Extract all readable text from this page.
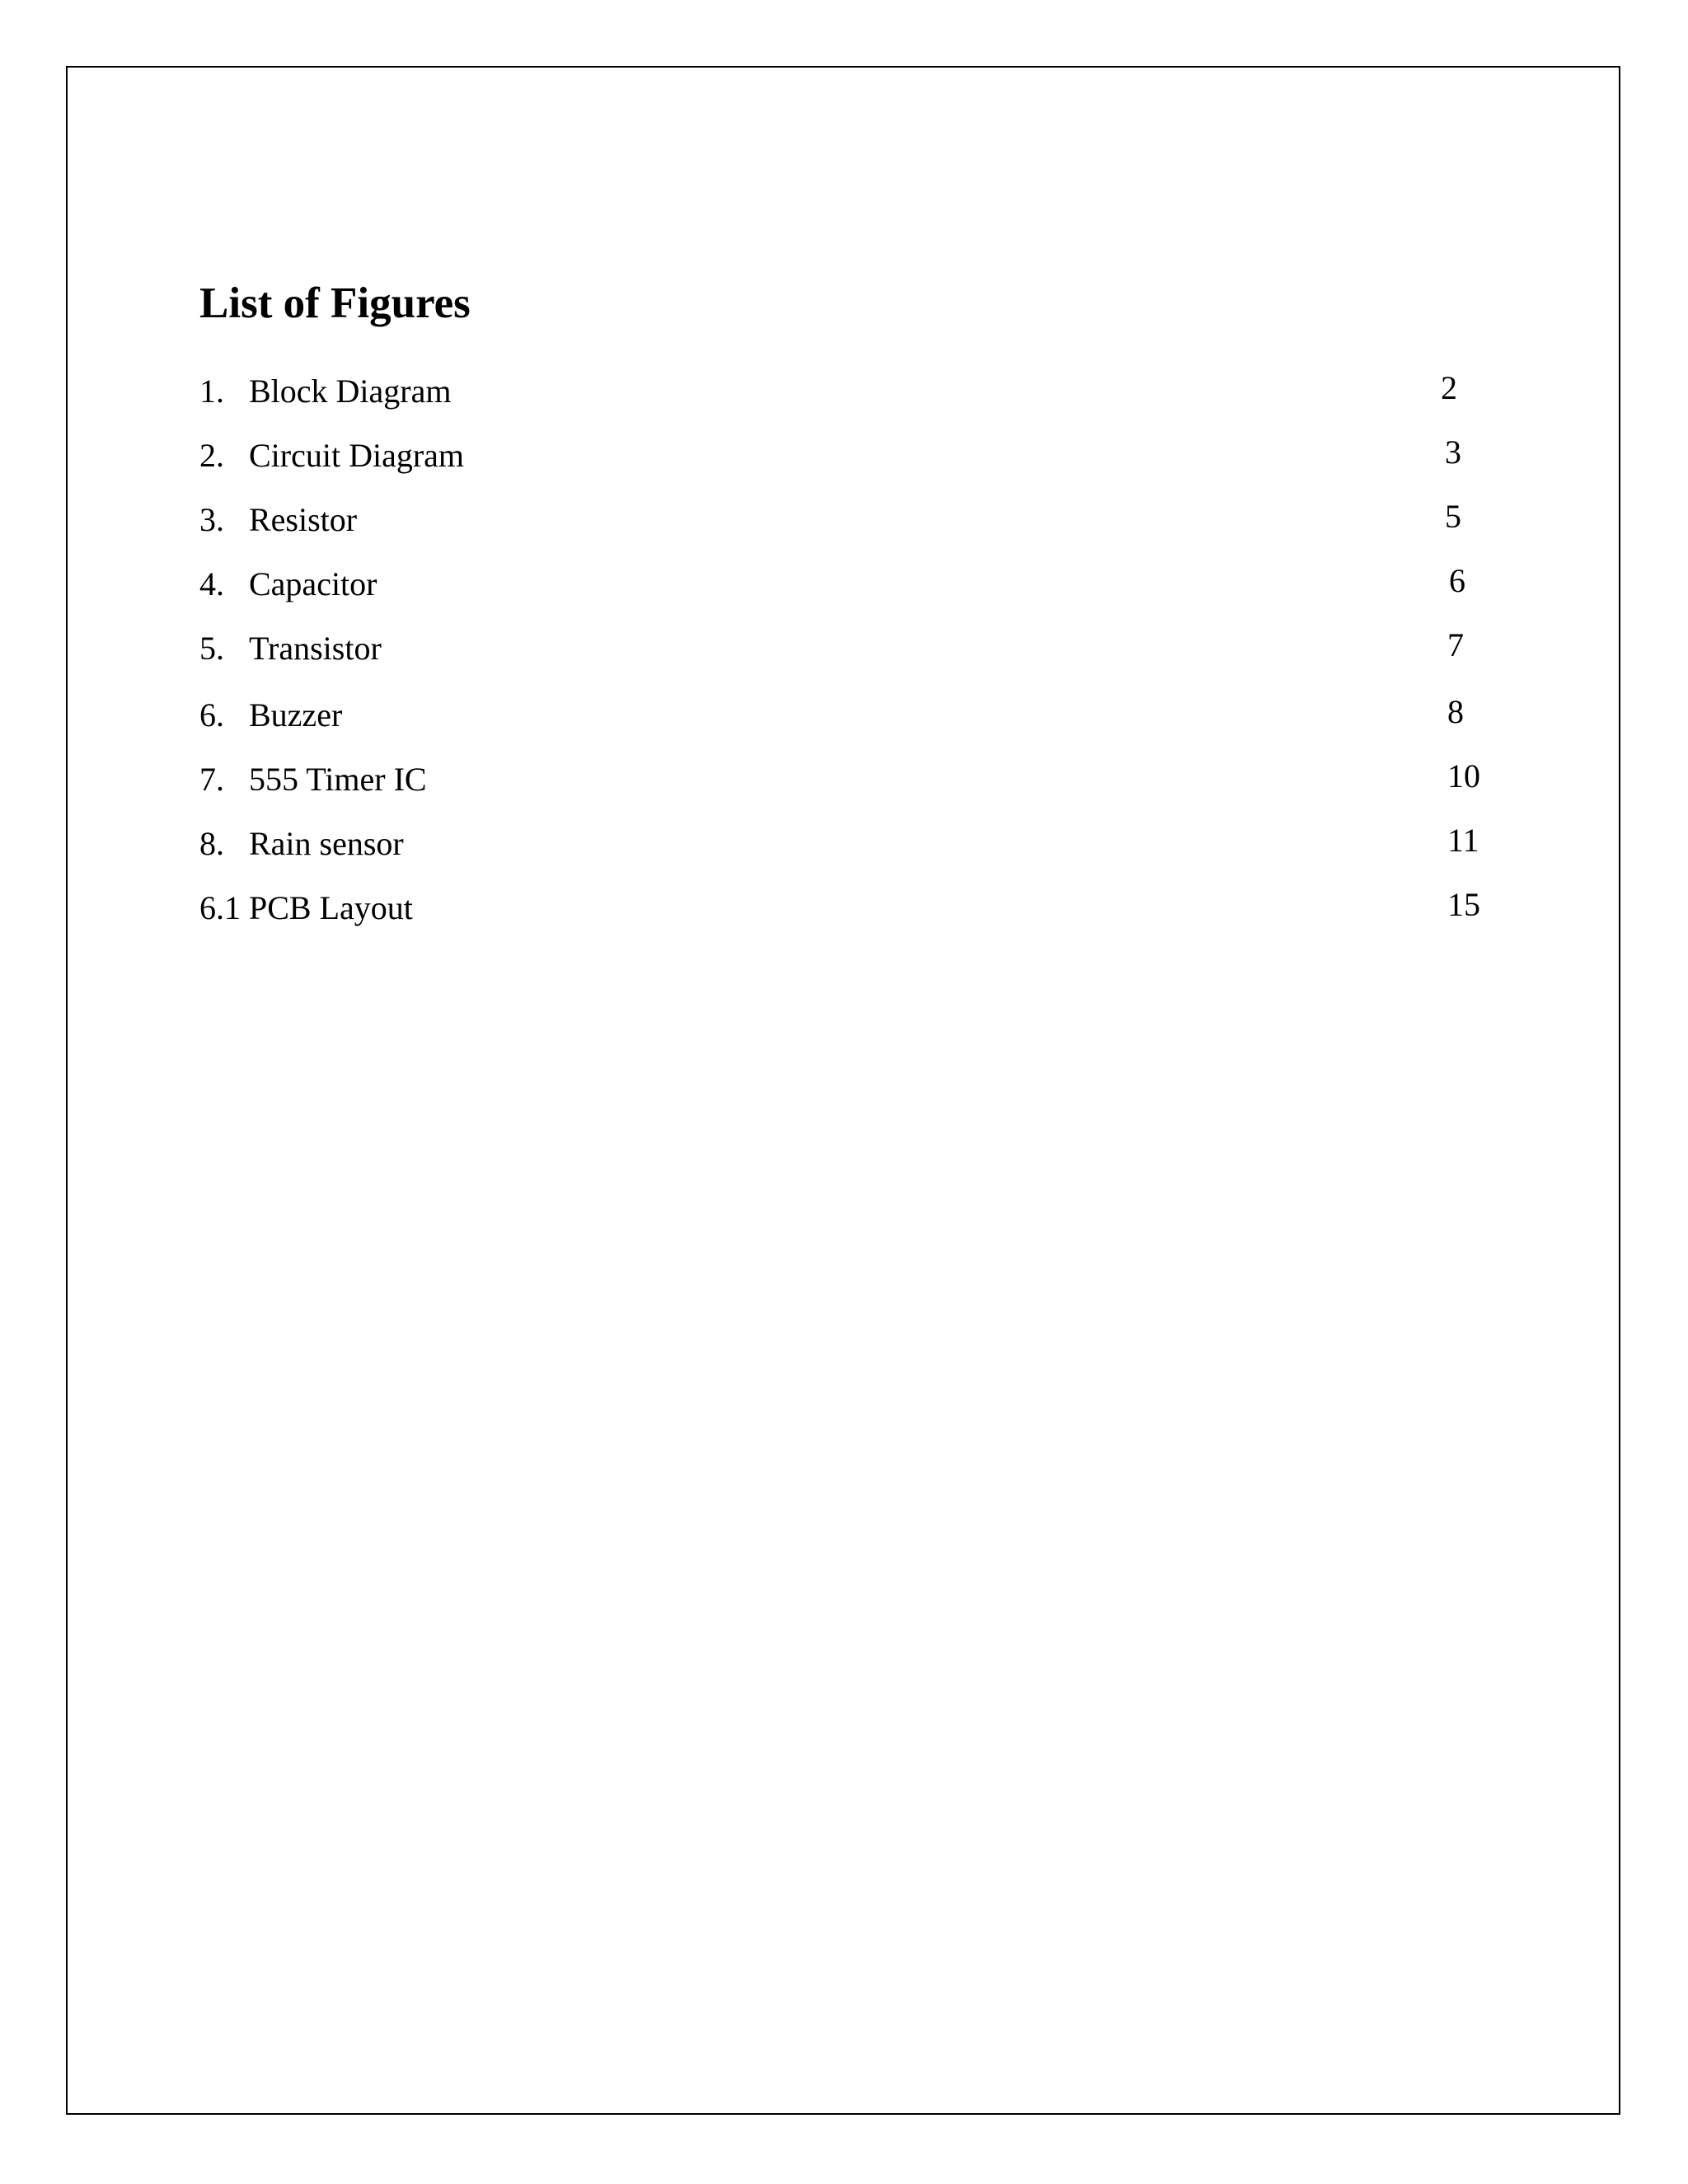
List of Figures
1. Block Diagram	2
2. Circuit Diagram	3
3. Resistor	5
4. Capacitor	6
5. Transistor	7
6. Buzzer	8
7. 555 Timer IC	10
8. Rain sensor	11
6.1 PCB Layout	15
